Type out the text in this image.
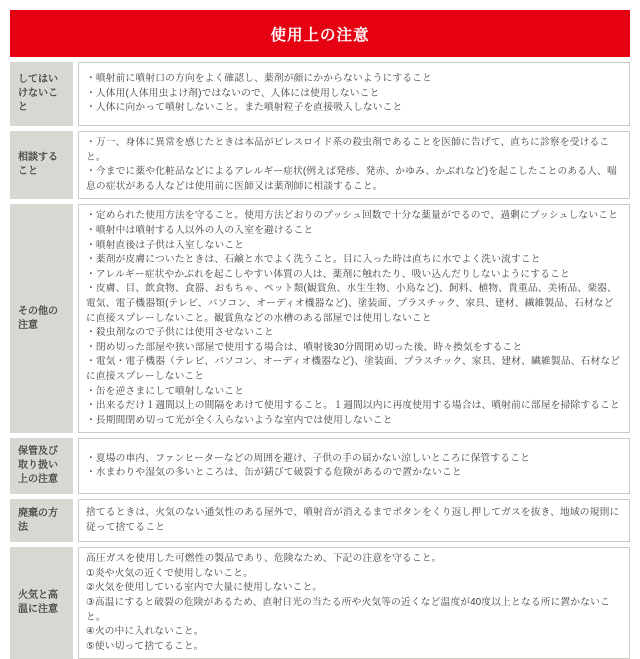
使用上の注意
してはいけないこと

・噴射前に噴射口の方向をよく確認し、薬剤が顔にかからないようにすること

・人体用(人体用虫よけ剤)ではないので、人体には使用しないこと

・人体に向かって噴射しないこと。また噴射粒子を直接吸入しないこと

相談すること

・万一、身体に異常を感じたときは本品がピレスロイド系の殺虫剤であることを医師に告げて、直ちに診察を受けること。

・今までに薬や化粧品などによるアレルギー症状(例えば発疹、発赤、かゆみ、かぶれなど)を起こしたことのある人、喘息の症状がある人などは使用前に医師又は薬剤師に相談すること。

その他の注意

・定められた使用方法を守ること。使用方法どおりのプッシュ回数で十分な薬量がでるので、過剰にプッシュしないこと

・噴射中は噴射する人以外の人の入室を避けること

・噴射直後は子供は入室しないこと

・薬剤が皮膚についたときは、石鹸と水でよく洗うこと。目に入った時は直ちに水でよく洗い流すこと

・アレルギー症状やかぶれを起こしやすい体質の人は、薬剤に触れたり、吸い込んだりしないようにすること

・皮膚、目、飲食物、食器、おもちゃ、ペット類(観賞魚、水生生物、小鳥など)、飼料、植物、貴重品、美術品、楽器、電気、電子機器類(テレビ、パソコン、オーディオ機器など)、塗装面、プラスチック、家具、建材、繊維製品、石材などに直接スプレーしないこと。観賞魚などの水槽のある部屋では使用しないこと

・殺虫剤なので子供には使用させないこと

・閉め切った部屋や狭い部屋で使用する場合は、噴射後30分間閉め切った後、時々換気をすること

・電気・電子機器（テレビ、パソコン、オーディオ機器など)、塗装面、プラスチック、家具、建材、繊維製品、石材などに直接スプレーしないこと

・缶を逆さまにして噴射しないこと

・出来るだけ１週間以上の間隔をあけて使用すること。１週間以内に再度使用する場合は、噴射前に部屋を掃除すること

・長期間閉め切って光が全く入らないような室内では使用しないこと

保管及び取り扱い上の注意

・夏場の車内、ファンヒーターなどの周囲を避け、子供の手の届かない涼しいところに保管すること

・水まわりや湿気の多いところは、缶が錆びて破裂する危険があるので置かないこと

廃棄の方法

捨てるときは、火気のない通気性のある屋外で、噴射音が消えるまでボタンをくり返し押してガスを抜き、地域の規則に従って捨てること

火気と高温に注意

高圧ガスを使用した可燃性の製品であり、危険なため、下記の注意を守ること。

①炎や火気の近くで使用しないこと。

②火気を使用している室内で大量に使用しないこと。

③高温にすると破裂の危険があるため、直射日光の当たる所や火気等の近くなど温度が40度以上となる所に置かないこと。

④火の中に入れないこと。

⑤使い切って捨てること。
